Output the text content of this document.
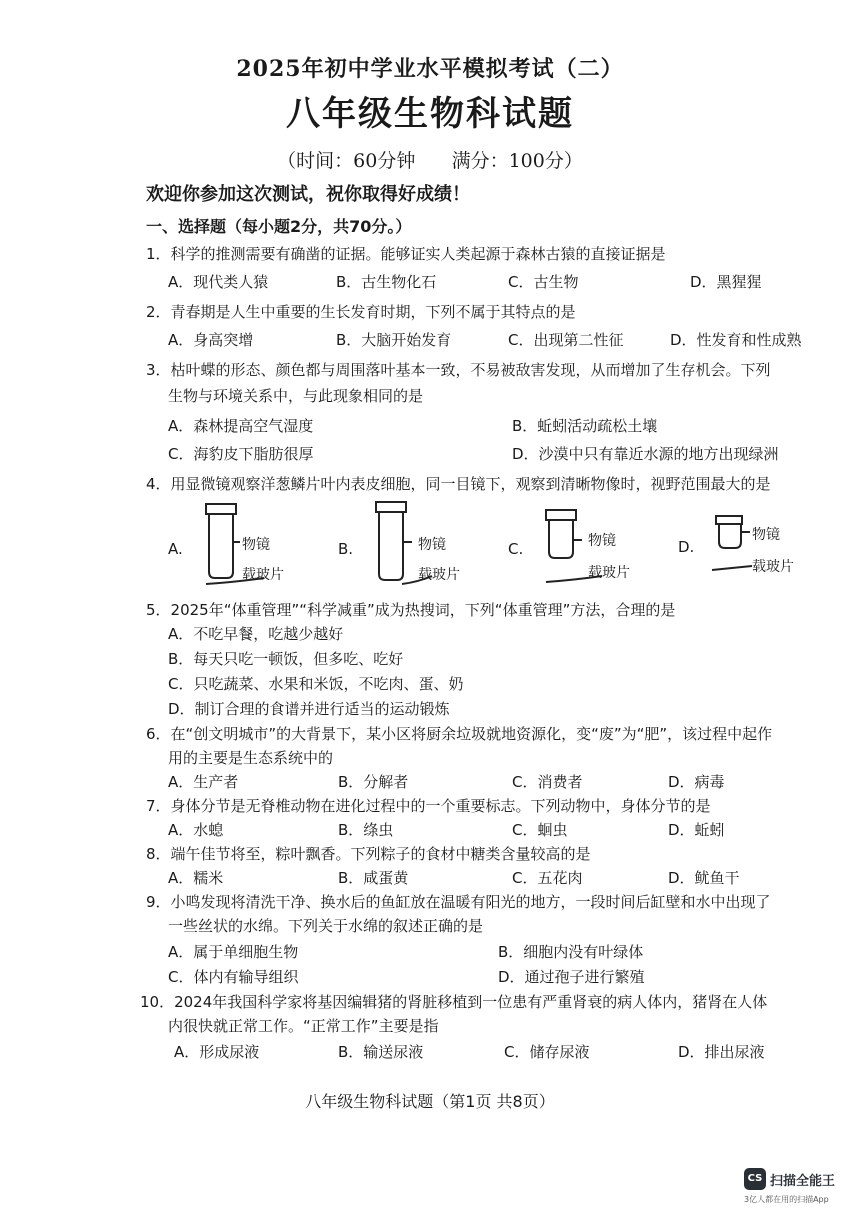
2025年初中学业水平模拟考试（二）
八年级生物科试题
（时间：60分钟      满分：100分）
欢迎你参加这次测试，祝你取得好成绩！
一、选择题（每小题2分，共70分。）
1．科学的推测需要有确凿的证据。能够证实人类起源于森林古猿的直接证据是
A．现代类人猿	B．古生物化石	C．古生物	D．黑猩猩
2．青春期是人生中重要的生长发育时期，下列不属于其特点的是
A．身高突增	B．大脑开始发育	C．出现第二性征	D．性发育和性成熟
3．枯叶蝶的形态、颜色都与周围落叶基本一致，不易被敌害发现，从而增加了生存机会。下列
生物与环境关系中，与此现象相同的是
A．森林提高空气湿度	B．蚯蚓活动疏松土壤
C．海豹皮下脂肪很厚	D．沙漠中只有靠近水源的地方出现绿洲
4．用显微镜观察洋葱鳞片叶内表皮细胞，同一目镜下，观察到清晰物像时，视野范围最大的是
A.	物镜
载玻片
B.	物镜
载玻片
C.	物镜
载玻片
D.
物镜
载玻片
5．2025年“体重管理”“科学减重”成为热搜词，下列“体重管理”方法，合理的是
A．不吃早餐，吃越少越好
B．每天只吃一顿饭，但多吃、吃好
C．只吃蔬菜、水果和米饭，不吃肉、蛋、奶
D．制订合理的食谱并进行适当的运动锻炼
6．在“创文明城市”的大背景下，某小区将厨余垃圾就地资源化，变“废”为“肥”，该过程中起作
用的主要是生态系统中的
A．生产者	B．分解者	C．消费者	D．病毒
7．身体分节是无脊椎动物在进化过程中的一个重要标志。下列动物中，身体分节的是
A．水螅	B．绦虫	C．蛔虫	D．蚯蚓
8．端午佳节将至，粽叶飘香。下列粽子的食材中糖类含量较高的是
A．糯米	B．咸蛋黄	C．五花肉	D．鱿鱼干
9．小鸣发现将清洗干净、换水后的鱼缸放在温暖有阳光的地方，一段时间后缸壁和水中出现了
一些丝状的水绵。下列关于水绵的叙述正确的是
A．属于单细胞生物	B．细胞内没有叶绿体
C．体内有输导组织	D．通过孢子进行繁殖
10．2024年我国科学家将基因编辑猪的肾脏移植到一位患有严重肾衰的病人体内，猪肾在人体
内很快就正常工作。“正常工作”主要是指
A．形成尿液	B．输送尿液	C．储存尿液	D．排出尿液
八年级生物科试题（第1页 共8页）
CS 扫描全能王
3亿人都在用的扫描App
